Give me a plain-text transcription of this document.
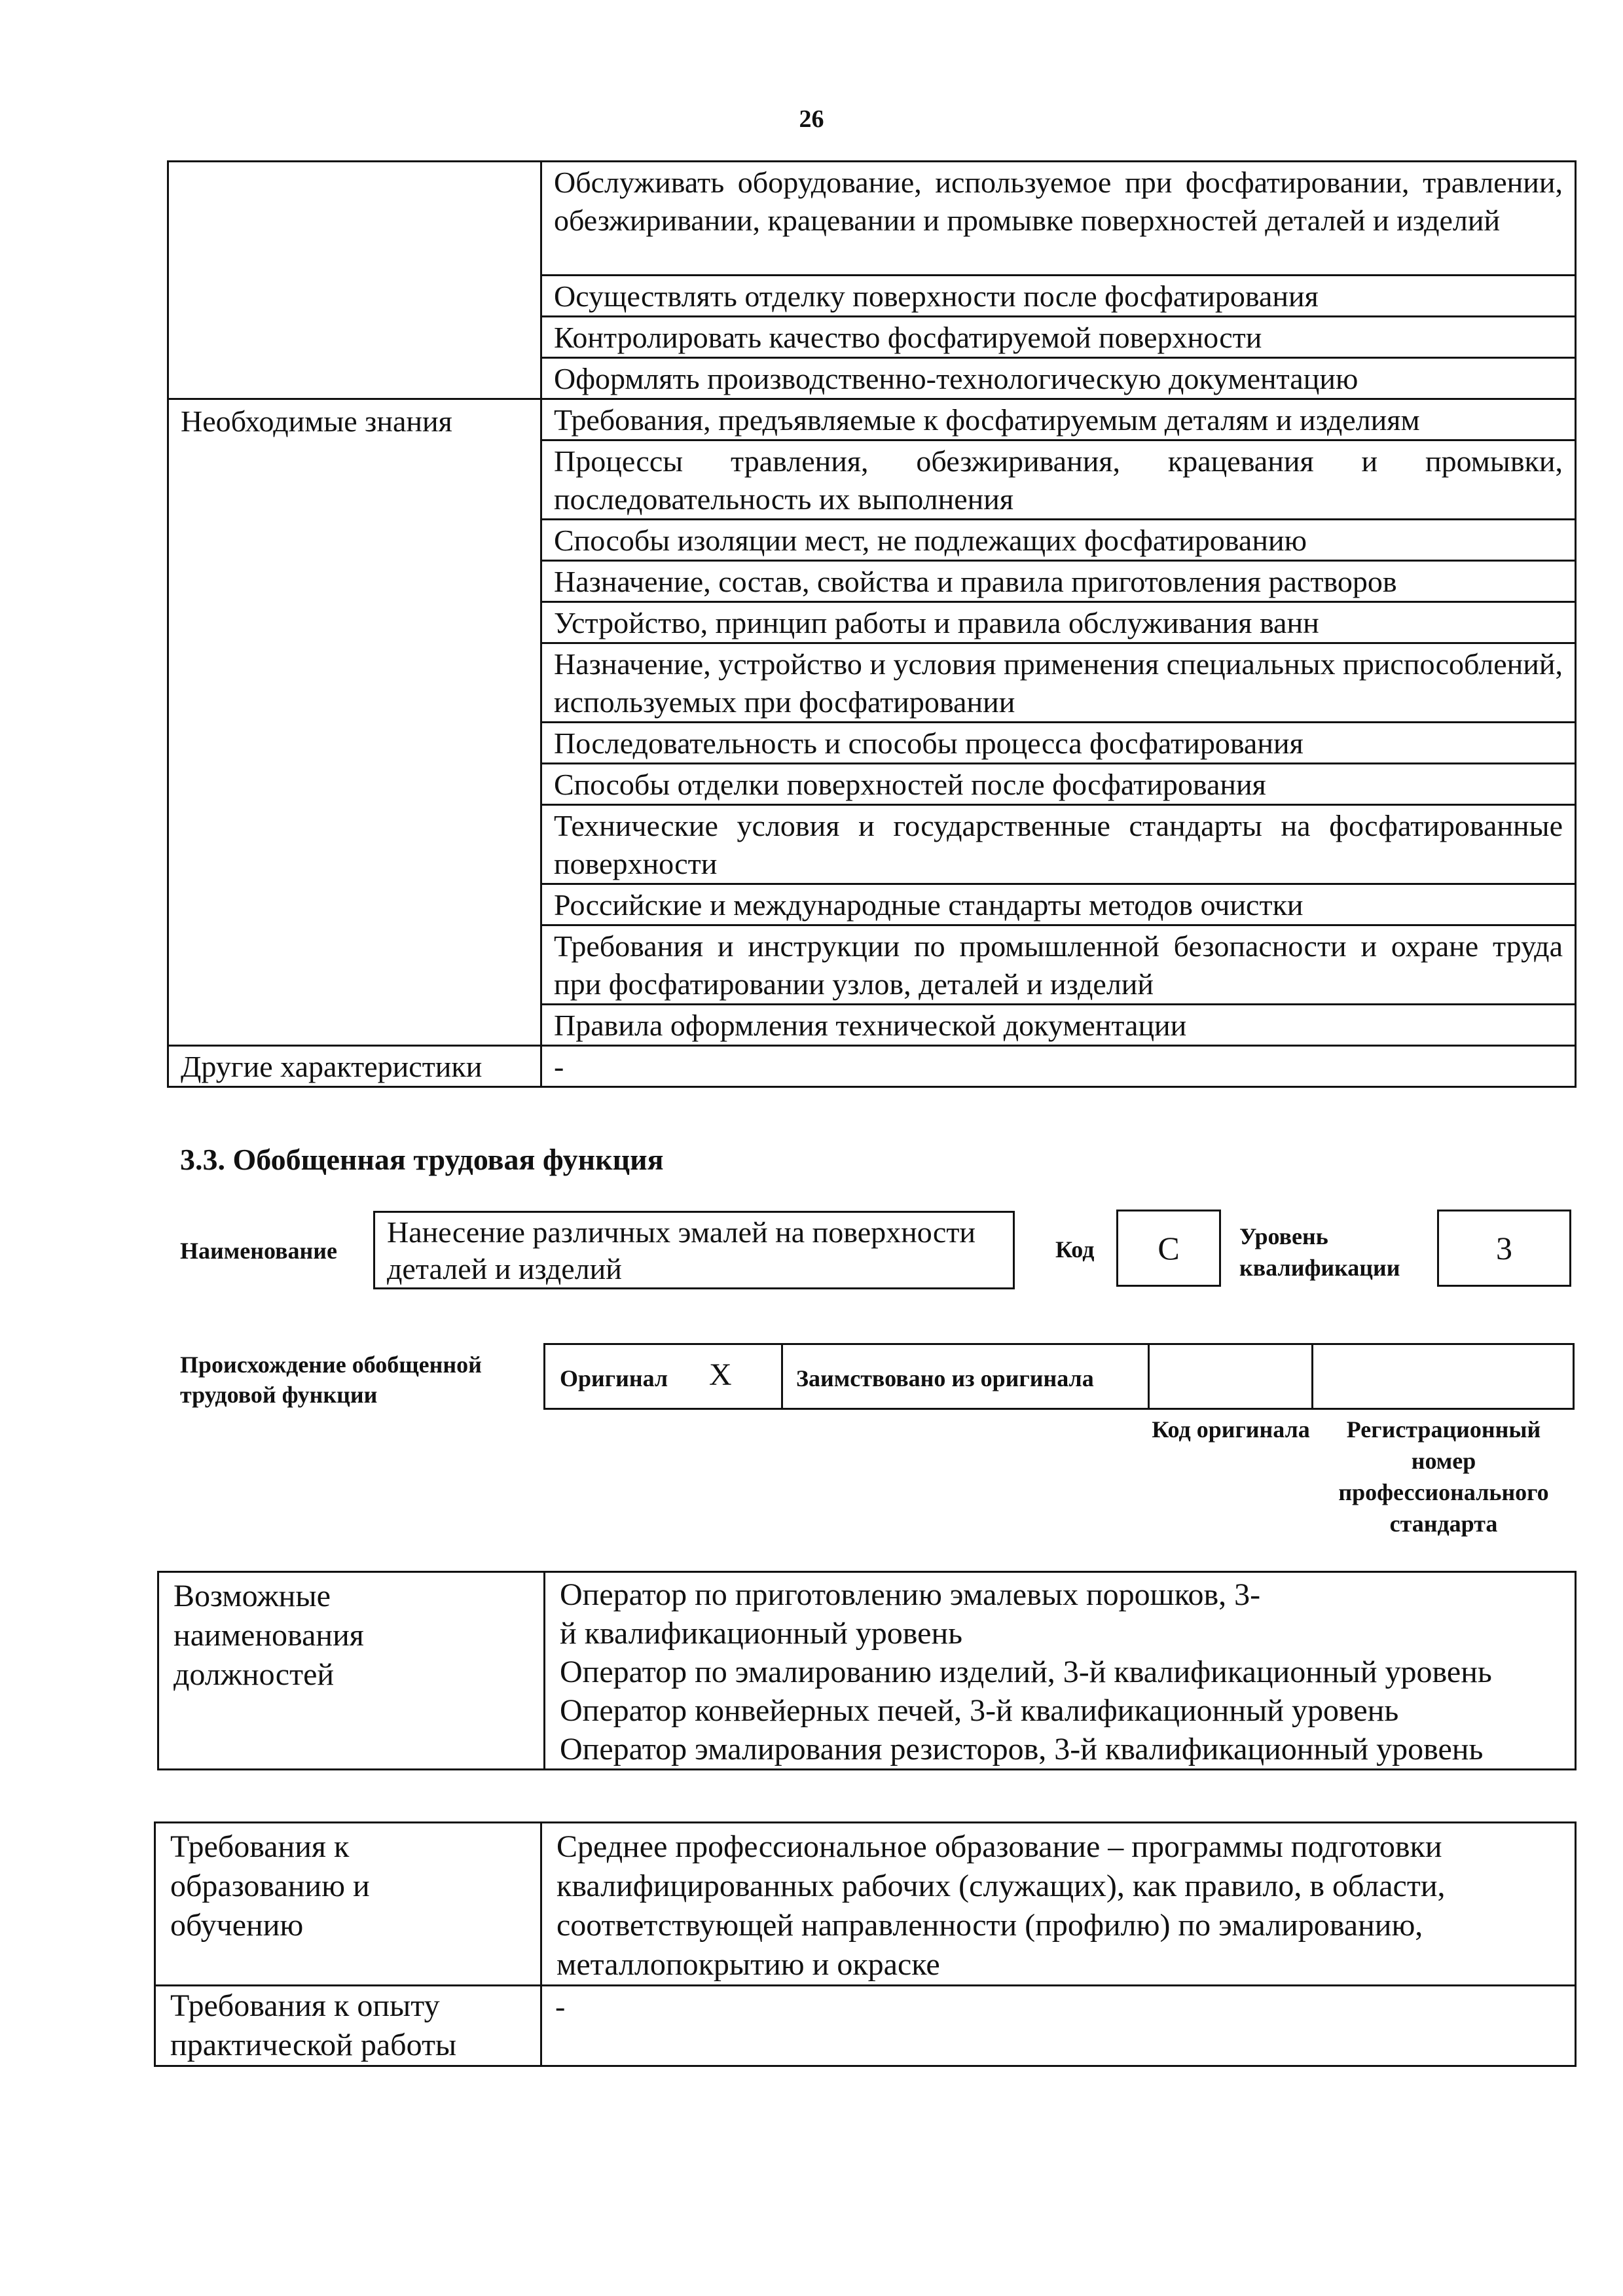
26

	Обслуживать оборудование, используемое при фосфатировании, травлении, обезжиривании, крацевании и промывке поверхностей деталей и изделий

	Осуществлять отделку поверхности после фосфатирования

	Контролировать качество фосфатируемой поверхности

	Оформлять производственно-технологическую документацию

Необходимые знания	Требования, предъявляемые к фосфатируемым деталям и изделиям

	Процессы травления, обезжиривания, крацевания и промывки, последовательность их выполнения

	Способы изоляции мест, не подлежащих фосфатированию

	Назначение, состав, свойства и правила приготовления растворов

	Устройство, принцип работы и правила обслуживания ванн

	Назначение, устройство и условия применения специальных приспособлений, используемых при фосфатировании

	Последовательность и способы процесса фосфатирования

	Способы отделки поверхностей после фосфатирования

	Технические условия и государственные стандарты на фосфатированные поверхности

	Российские и международные стандарты методов очистки

	Требования и инструкции по промышленной безопасности и охране труда при фосфатировании узлов, деталей и изделий

	Правила оформления технической документации

Другие характеристики	-
3.3. Обобщенная трудовая функция
Наименование
Нанесение различных эмалей на поверхности деталей и изделий
Код	C	Уровень квалификации
3
Происхождение обобщенной трудовой функции
Оригинал X	Заимствовано из оригинала
Код оригинала	Регистрационный номер профессионального стандарта
Возможные наименования должностей

Оператор по приготовлению эмалевых порошков, 3-й квалификационный уровень
Оператор по эмалированию изделий, 3-й квалификационный уровень
Оператор конвейерных печей, 3-й квалификационный уровень
Оператор эмалирования резисторов, 3-й квалификационный уровень
Требования к образованию и обучению	Среднее профессиональное образование – программы подготовки квалифицированных рабочих (служащих), как правило, в области, соответствующей направленности (профилю) по эмалированию, металлопокрытию и окраске

Требования к опыту практической работы	-
